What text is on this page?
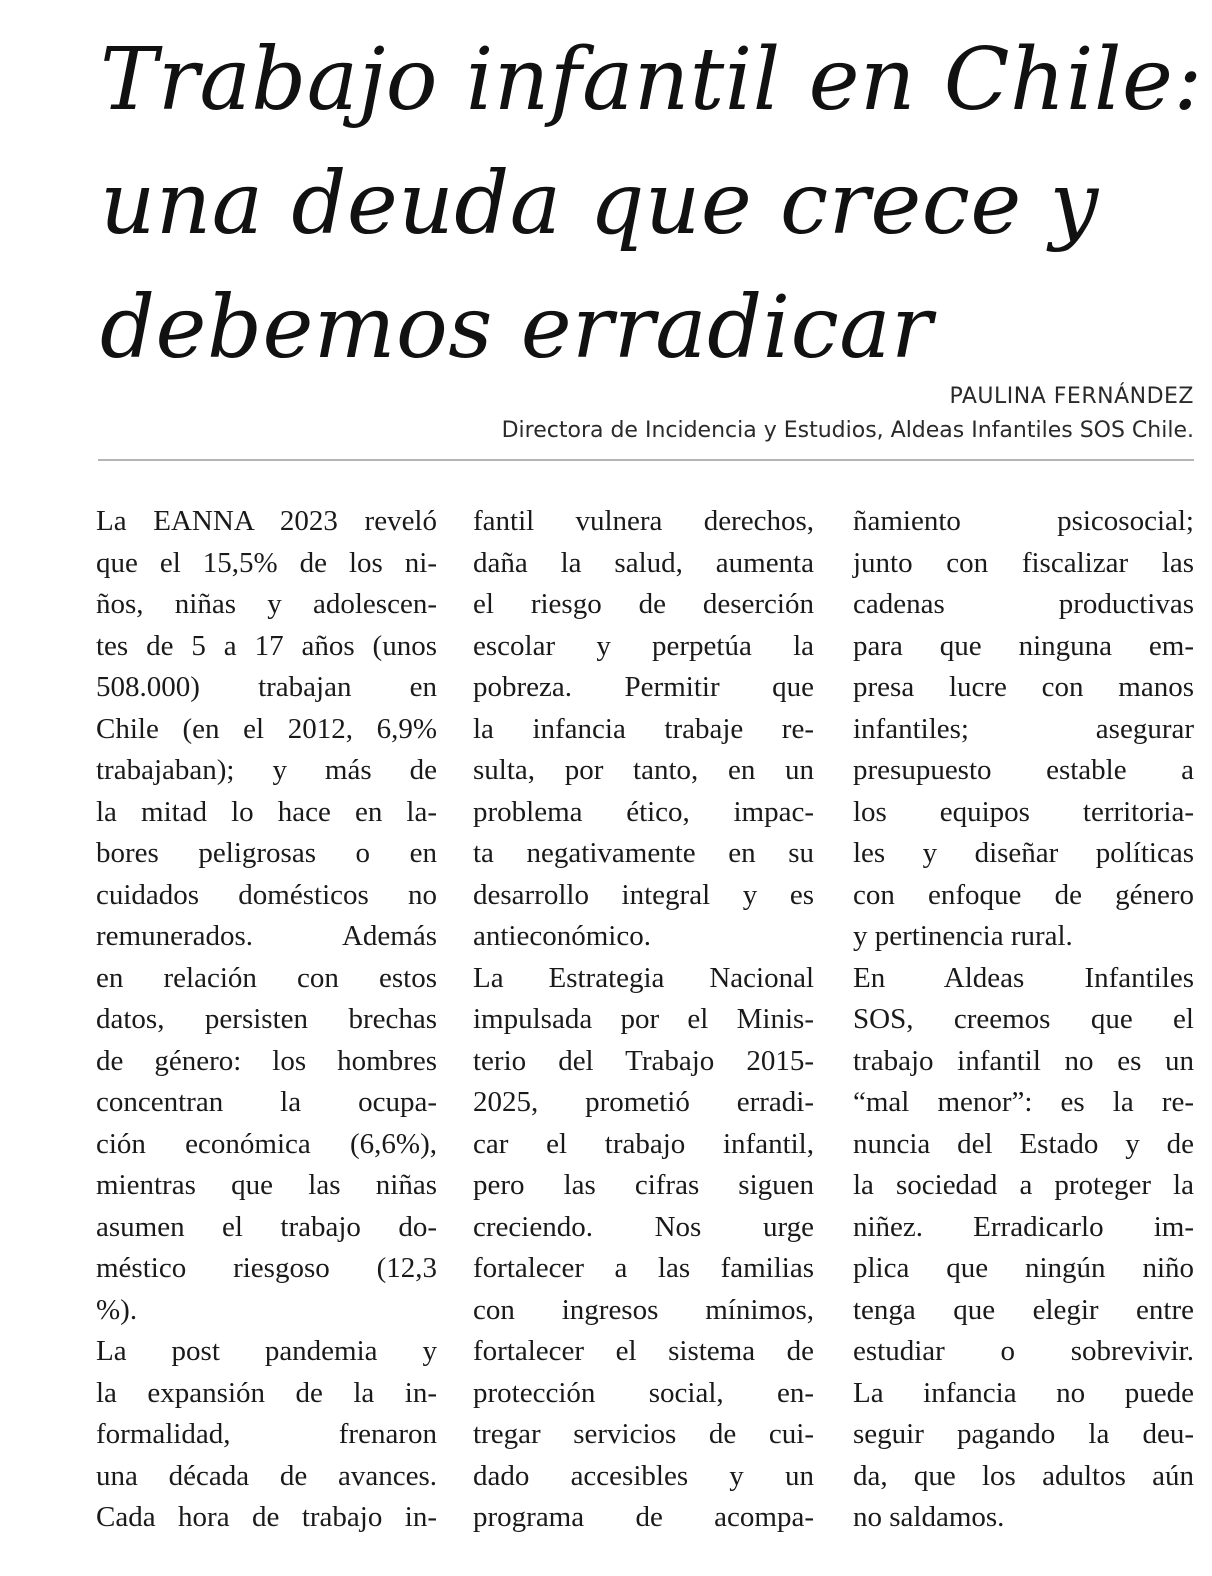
Trabajo infantil en Chile:
una deuda que crece y
debemos erradicar
PAULINA FERNÁNDEZ
Directora de Incidencia y Estudios, Aldeas Infantiles SOS Chile.
La EANNA 2023 reveló
que el 15,5% de los ni-
ños, niñas y adolescen-
tes de 5 a 17 años (unos
508.000) trabajan en
Chile (en el 2012, 6,9%
trabajaban); y más de
la mitad lo hace en la-
bores peligrosas o en
cuidados domésticos no
remunerados. Además
en relación con estos
datos, persisten brechas
de género: los hombres
concentran la ocupa-
ción económica (6,6%),
mientras que las niñas
asumen el trabajo do-
méstico riesgoso (12,3
%).
La post pandemia y
la expansión de la in-
formalidad, frenaron
una década de avances.
Cada hora de trabajo in-
fantil vulnera derechos,
daña la salud, aumenta
el riesgo de deserción
escolar y perpetúa la
pobreza. Permitir que
la infancia trabaje re-
sulta, por tanto, en un
problema ético, impac-
ta negativamente en su
desarrollo integral y es
antieconómico.
La Estrategia Nacional
impulsada por el Minis-
terio del Trabajo 2015-
2025, prometió erradi-
car el trabajo infantil,
pero las cifras siguen
creciendo. Nos urge
fortalecer a las familias
con ingresos mínimos,
fortalecer el sistema de
protección social, en-
tregar servicios de cui-
dado accesibles y un
programa de acompa-
ñamiento psicosocial;
junto con fiscalizar las
cadenas productivas
para que ninguna em-
presa lucre con manos
infantiles; asegurar
presupuesto estable a
los equipos territoria-
les y diseñar políticas
con enfoque de género
y pertinencia rural.
En Aldeas Infantiles
SOS, creemos que el
trabajo infantil no es un
“mal menor”: es la re-
nuncia del Estado y de
la sociedad a proteger la
niñez. Erradicarlo im-
plica que ningún niño
tenga que elegir entre
estudiar o sobrevivir.
La infancia no puede
seguir pagando la deu-
da, que los adultos aún
no saldamos.
